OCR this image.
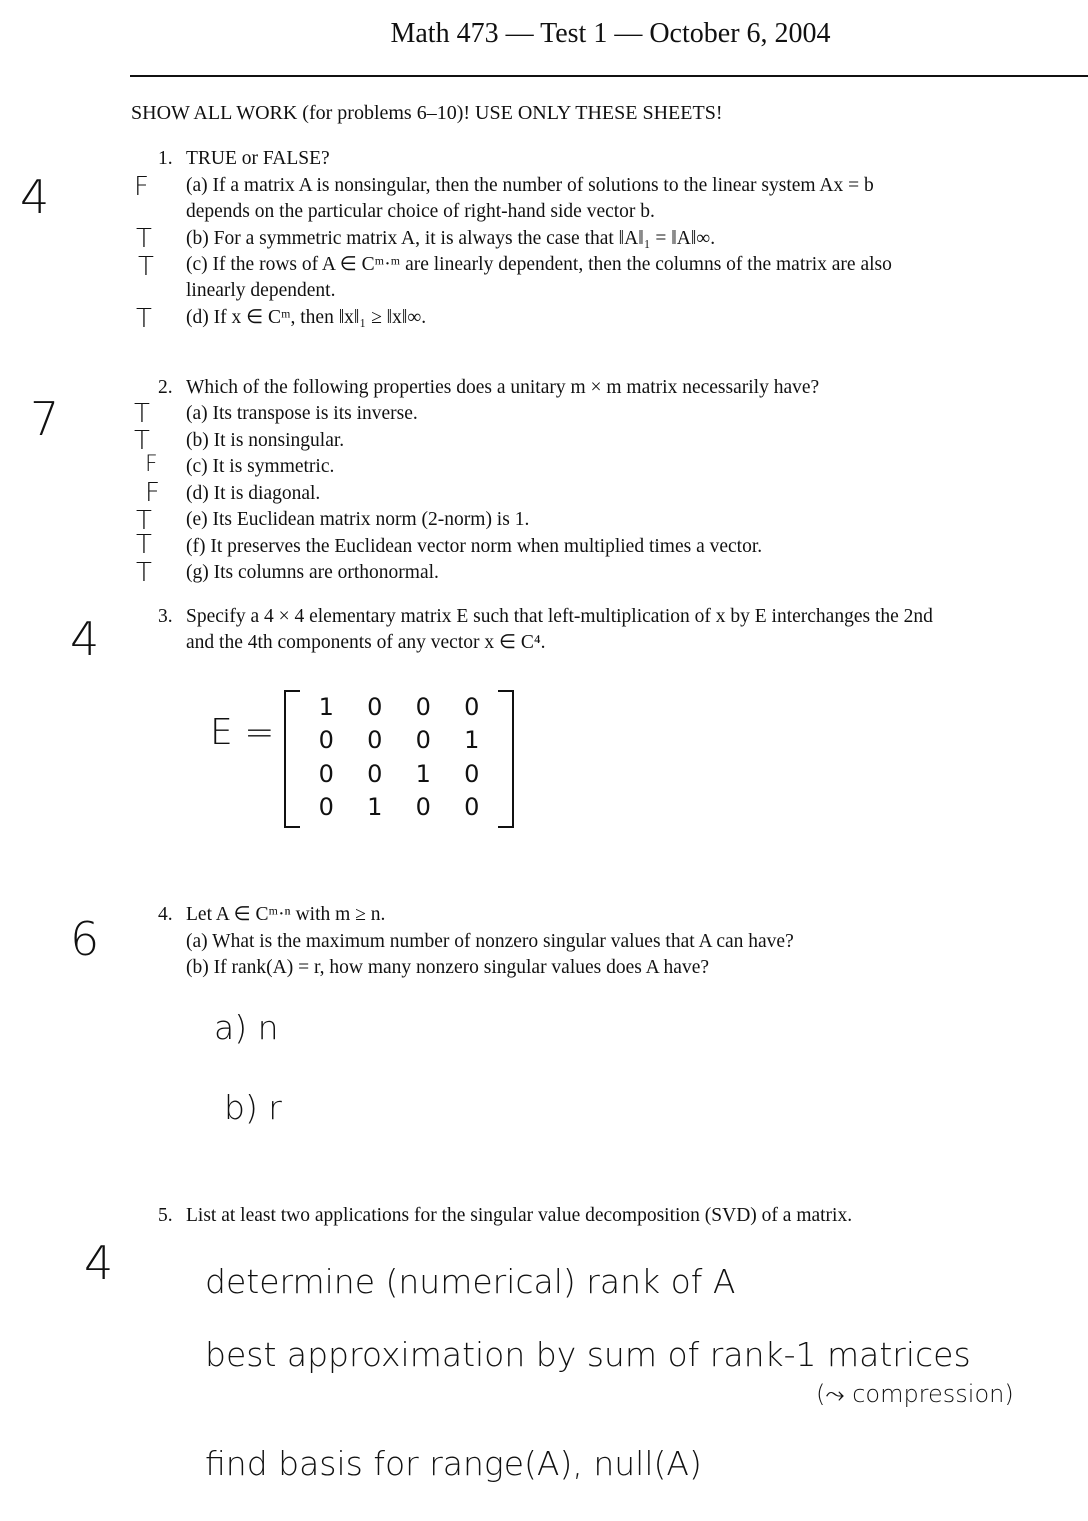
Math 473 — Test 1 — October 6, 2004
SHOW ALL WORK (for problems 6–10)! USE ONLY THESE SHEETS!
1. TRUE or FALSE?
4	F (a) If a matrix A is nonsingular, then the number of solutions to the linear system Ax = b
depends on the particular choice of right-hand side vector b.
T (b) For a symmetric matrix A, it is always the case that ‖A‖₁ = ‖A‖∞.
T (c) If the rows of A ∈ Cᵐ·ᵐ are linearly dependent, then the columns of the matrix are also
linearly dependent.
T (d) If x ∈ Cᵐ, then ‖x‖₁ ≥ ‖x‖∞.
2. Which of the following properties does a unitary m × m matrix necessarily have?
7	T (a) Its transpose is its inverse.
T (b) It is nonsingular.
F (c) It is symmetric.
F (d) It is diagonal.
T (e) Its Euclidean matrix norm (2-norm) is 1.
T (f) It preserves the Euclidean vector norm when multiplied times a vector.
T (g) Its columns are orthonormal.
3. Specify a 4 × 4 elementary matrix E such that left-multiplication of x by E interchanges the 2nd
and the 4th components of any vector x ∈ C⁴.
4
E =
1	0	0	0
0	0	0	1
0	0	1	0
0	1	0	0
4. Let A ∈ Cᵐ·ⁿ with m ≥ n.
(a) What is the maximum number of nonzero singular values that A can have?
(b) If rank(A) = r, how many nonzero singular values does A have?
6
a) n
b) r
5. List at least two applications for the singular value decomposition (SVD) of a matrix.
4	determine (numerical) rank of A
best approximation by sum of rank-1 matrices
(⤳ compression)
find basis for range(A), null(A)
